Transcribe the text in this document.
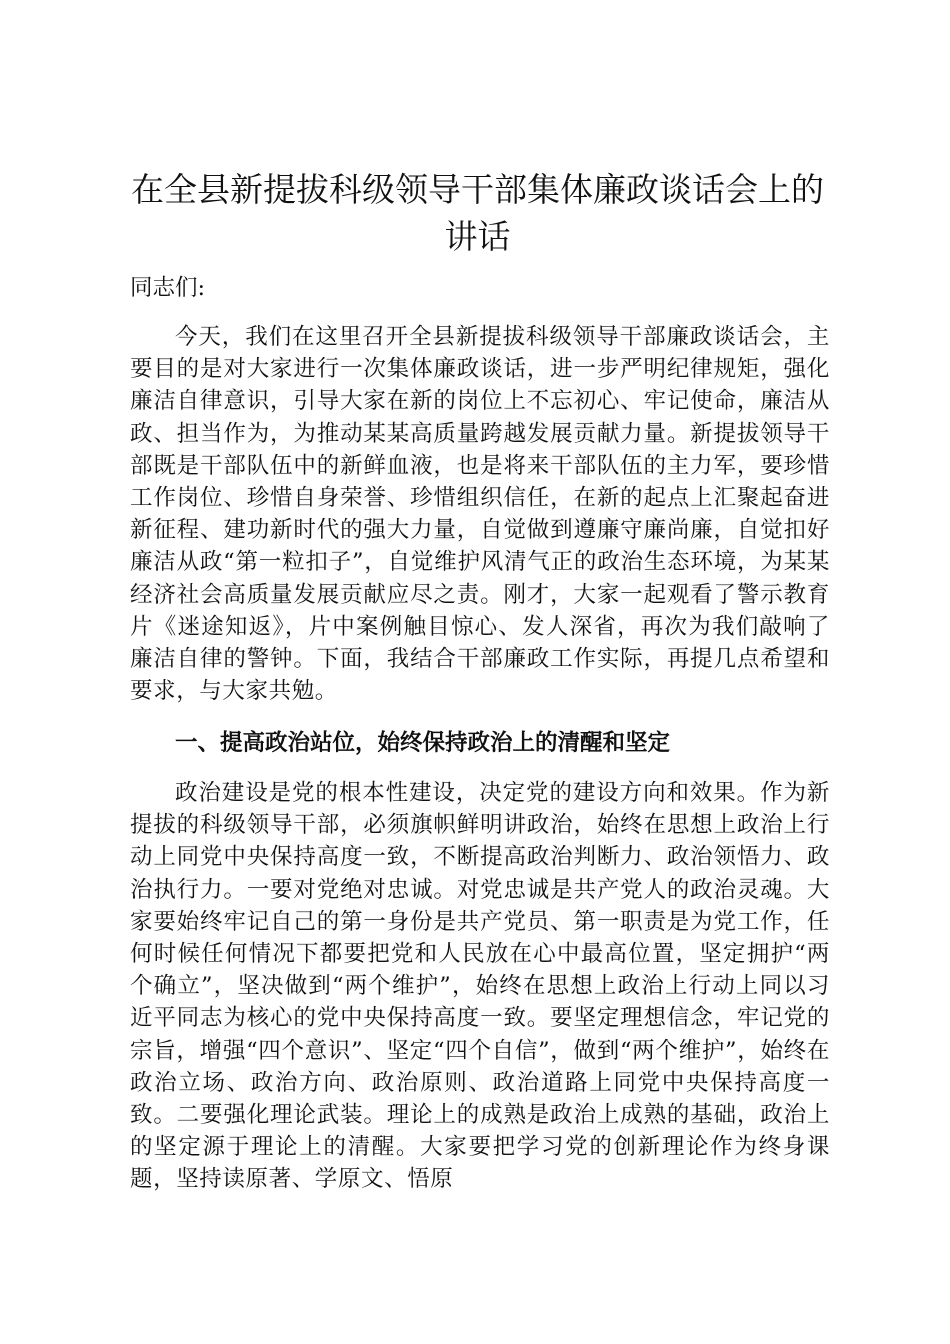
在全县新提拔科级领导干部集体廉政谈话会上的讲话

同志们:

今天，我们在这里召开全县新提拔科级领导干部廉政谈话会，主要目的是对大家进行一次集体廉政谈话，进一步严明纪律规矩，强化廉洁自律意识，引导大家在新的岗位上不忘初心、牢记使命，廉洁从政、担当作为，为推动某某高质量跨越发展贡献力量。新提拔领导干部既是干部队伍中的新鲜血液，也是将来干部队伍的主力军，要珍惜工作岗位、珍惜自身荣誉、珍惜组织信任，在新的起点上汇聚起奋进新征程、建功新时代的强大力量，自觉做到遵廉守廉尚廉，自觉扣好廉洁从政“第一粒扣子”，自觉维护风清气正的政治生态环境，为某某经济社会高质量发展贡献应尽之责。刚才，大家一起观看了警示教育片《迷途知返》，片中案例触目惊心、发人深省，再次为我们敲响了廉洁自律的警钟。下面，我结合干部廉政工作实际，再提几点希望和要求，与大家共勉。

一、提高政治站位，始终保持政治上的清醒和坚定

政治建设是党的根本性建设，决定党的建设方向和效果。作为新提拔的科级领导干部，必须旗帜鲜明讲政治，始终在思想上政治上行动上同党中央保持高度一致，不断提高政治判断力、政治领悟力、政治执行力。一要对党绝对忠诚。对党忠诚是共产党人的政治灵魂。大家要始终牢记自己的第一身份是共产党员、第一职责是为党工作，任何时候任何情况下都要把党和人民放在心中最高位置，坚定拥护“两个确立”，坚决做到“两个维护”，始终在思想上政治上行动上同以习近平同志为核心的党中央保持高度一致。要坚定理想信念，牢记党的宗旨，增强“四个意识”、坚定“四个自信”，做到“两个维护”，始终在政治立场、政治方向、政治原则、政治道路上同党中央保持高度一致。二要强化理论武装。理论上的成熟是政治上成熟的基础，政治上的坚定源于理论上的清醒。大家要把学习党的创新理论作为终身课题，坚持读原著、学原文、悟原
